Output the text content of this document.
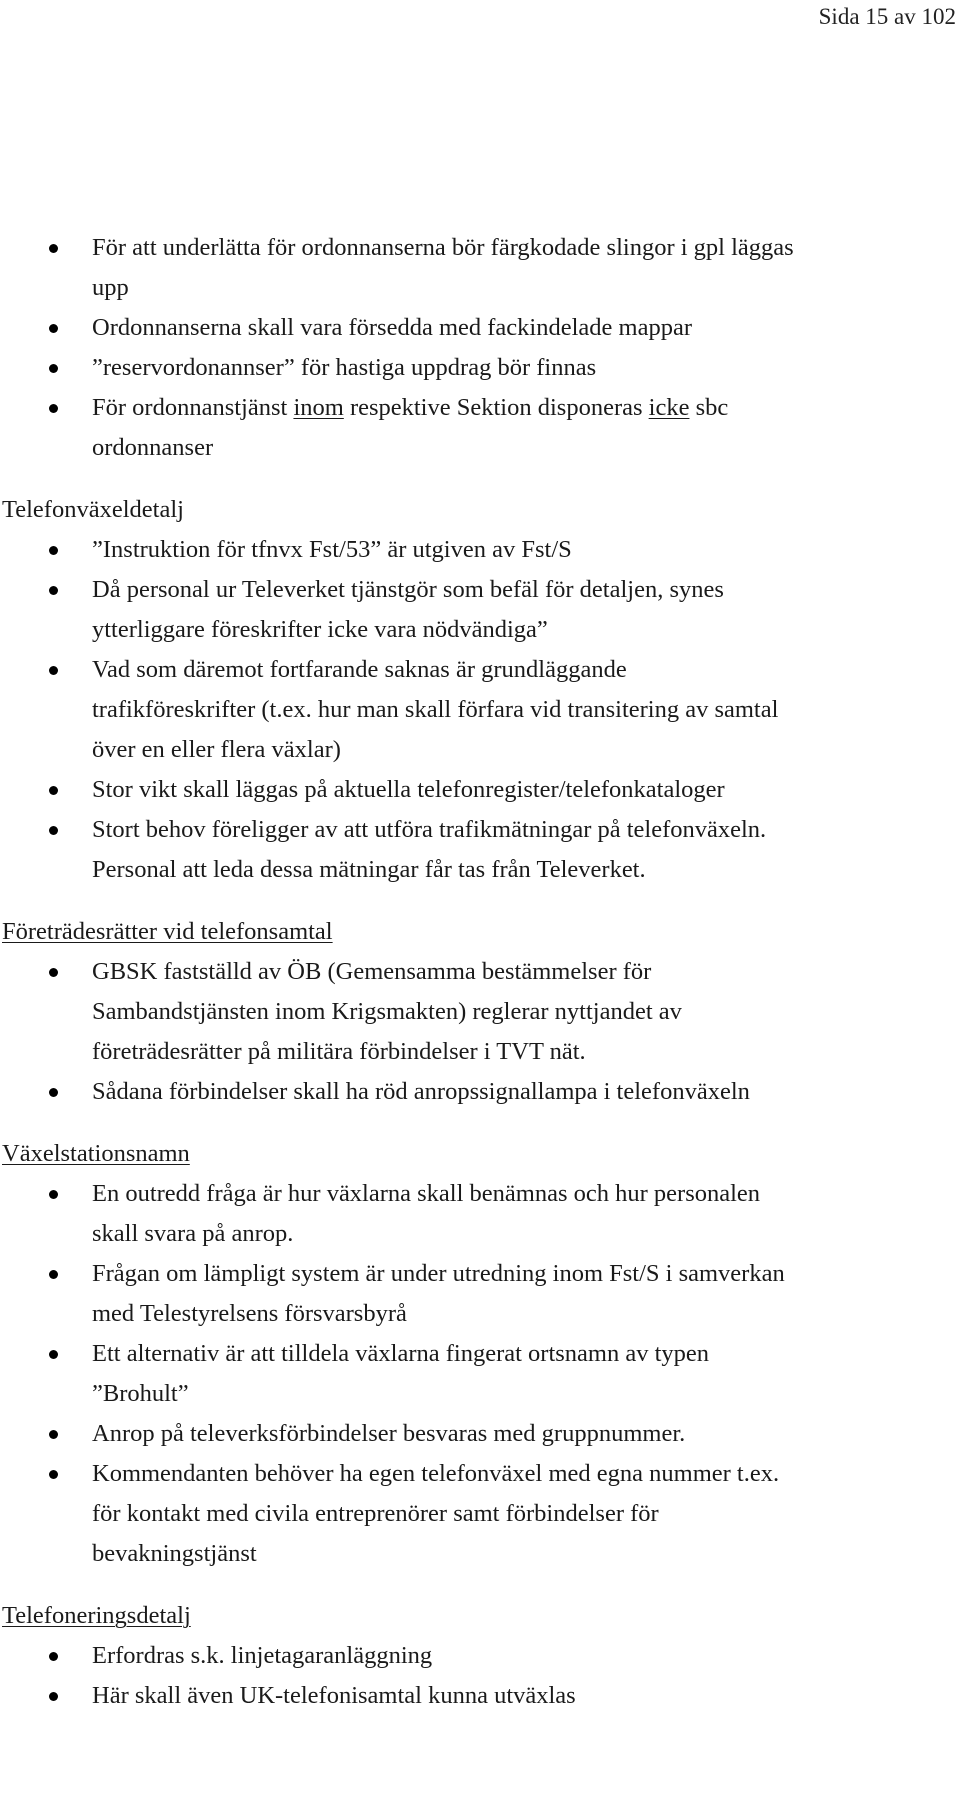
Sida 15 av 102
För att underlätta för ordonnanserna bör färgkodade slingor i gpl läggas
upp
Ordonnanserna skall vara försedda med fackindelade mappar
”reservordonannser” för hastiga uppdrag bör finnas
För ordonnanstjänst inom respektive Sektion disponeras icke sbc
ordonnanser
Telefonväxeldetalj
”Instruktion för tfnvx Fst/53” är utgiven av Fst/S
Då personal ur Televerket tjänstgör som befäl för detaljen, synes
ytterliggare föreskrifter icke vara nödvändiga”
Vad som däremot fortfarande saknas är grundläggande
trafikföreskrifter (t.ex. hur man skall förfara vid transitering av samtal
över en eller flera växlar)
Stor vikt skall läggas på aktuella telefonregister/telefonkataloger
Stort behov föreligger av att utföra trafikmätningar på telefonväxeln.
Personal att leda dessa mätningar får tas från Televerket.
Företrädesrätter vid telefonsamtal
GBSK fastställd av ÖB (Gemensamma bestämmelser för
Sambandstjänsten inom Krigsmakten) reglerar nyttjandet av
företrädesrätter på militära förbindelser i TVT nät.
Sådana förbindelser skall ha röd anropssignallampa i telefonväxeln
Växelstationsnamn
En outredd fråga är hur växlarna skall benämnas och hur personalen
skall svara på anrop.
Frågan om lämpligt system är under utredning inom Fst/S i samverkan
med Telestyrelsens försvarsbyrå
Ett alternativ är att tilldela växlarna fingerat ortsnamn av typen
”Brohult”
Anrop på televerksförbindelser besvaras med gruppnummer.
Kommendanten behöver ha egen telefonväxel med egna nummer t.ex.
för kontakt med civila entreprenörer samt förbindelser för
bevakningstjänst
Telefoneringsdetalj
Erfordras s.k. linjetagaranläggning
Här skall även UK-telefonisamtal kunna utväxlas
